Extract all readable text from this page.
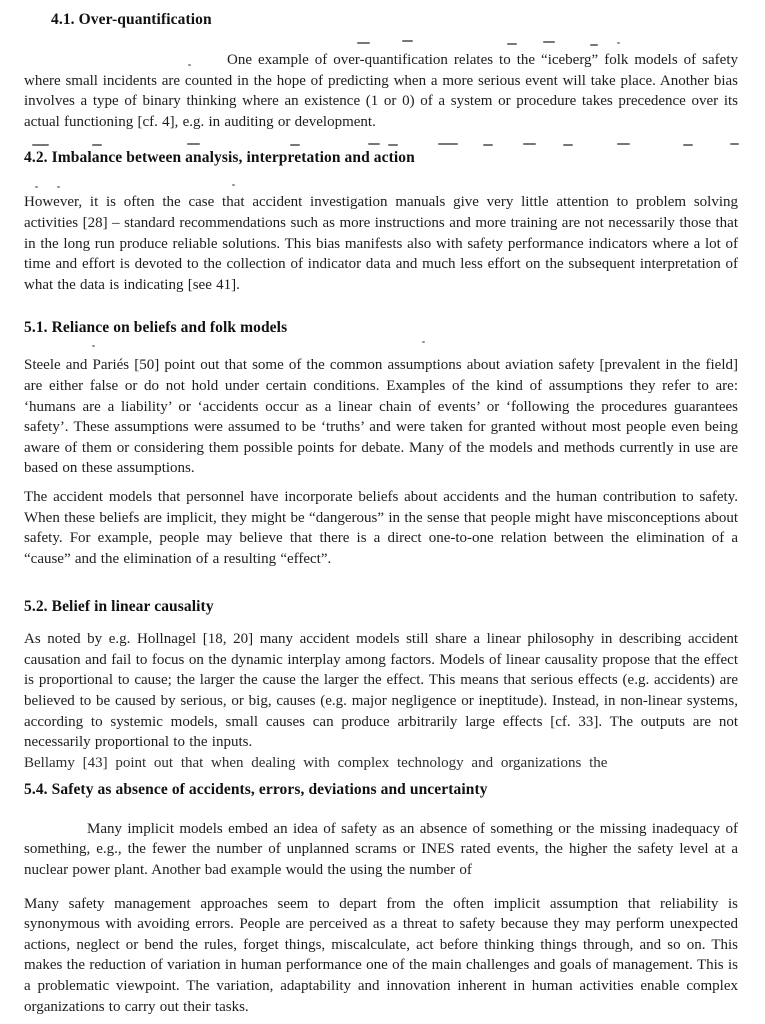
4.1. Over-quantification

One example of over-quantification relates to the “iceberg” folk models of safety where small incidents are counted in the hope of predicting when a more serious event will take place. Another bias involves a type of binary thinking where an existence (1 or 0) of a system or procedure takes precedence over its actual functioning [cf. 4], e.g. in auditing or development.

4.2. Imbalance between analysis, interpretation and action

However, it is often the case that accident investigation manuals give very little attention to problem solving activities [28] – standard recommendations such as more instructions and more training are not necessarily those that in the long run produce reliable solutions. This bias manifests also with safety performance indicators where a lot of time and effort is devoted to the collection of indicator data and much less effort on the subsequent interpretation of what the data is indicating [see 41].

5.1. Reliance on beliefs and folk models

Steele and Pariés [50] point out that some of the common assumptions about aviation safety [prevalent in the field] are either false or do not hold under certain conditions. Examples of the kind of assumptions they refer to are: ‘humans are a liability’ or ‘accidents occur as a linear chain of events’ or ‘following the procedures guarantees safety’. These assumptions were assumed to be ‘truths’ and were taken for granted without most people even being aware of them or considering them possible points for debate. Many of the models and methods currently in use are based on these assumptions.

The accident models that personnel have incorporate beliefs about accidents and the human contribution to safety. When these beliefs are implicit, they might be “dangerous” in the sense that people might have misconceptions about safety. For example, people may believe that there is a direct one-to-one relation between the elimination of a “cause” and the elimination of a resulting “effect”.

5.2. Belief in linear causality

As noted by e.g. Hollnagel [18, 20] many accident models still share a linear philosophy in describing accident causation and fail to focus on the dynamic interplay among factors. Models of linear causality propose that the effect is proportional to cause; the larger the cause the larger the effect. This means that serious effects (e.g. accidents) are believed to be caused by serious, or big, causes (e.g. major negligence or ineptitude). Instead, in non-linear systems, according to systemic models, small causes can produce arbitrarily large effects [cf. 33]. The outputs are not necessarily proportional to the inputs.

Bellamy [43] point out that when dealing with complex technology and organizations the

5.4. Safety as absence of accidents, errors, deviations and uncertainty

Many implicit models embed an idea of safety as an absence of something or the missing inadequacy of something, e.g., the fewer the number of unplanned scrams or INES rated events, the higher the safety level at a nuclear power plant. Another bad example would the using the number of

Many safety management approaches seem to depart from the often implicit assumption that reliability is synonymous with avoiding errors. People are perceived as a threat to safety because they may perform unexpected actions, neglect or bend the rules, forget things, miscalculate, act before thinking things through, and so on. This makes the reduction of variation in human performance one of the main challenges and goals of management. This is a problematic viewpoint. The variation, adaptability and innovation inherent in human activities enable complex organizations to carry out their tasks.
